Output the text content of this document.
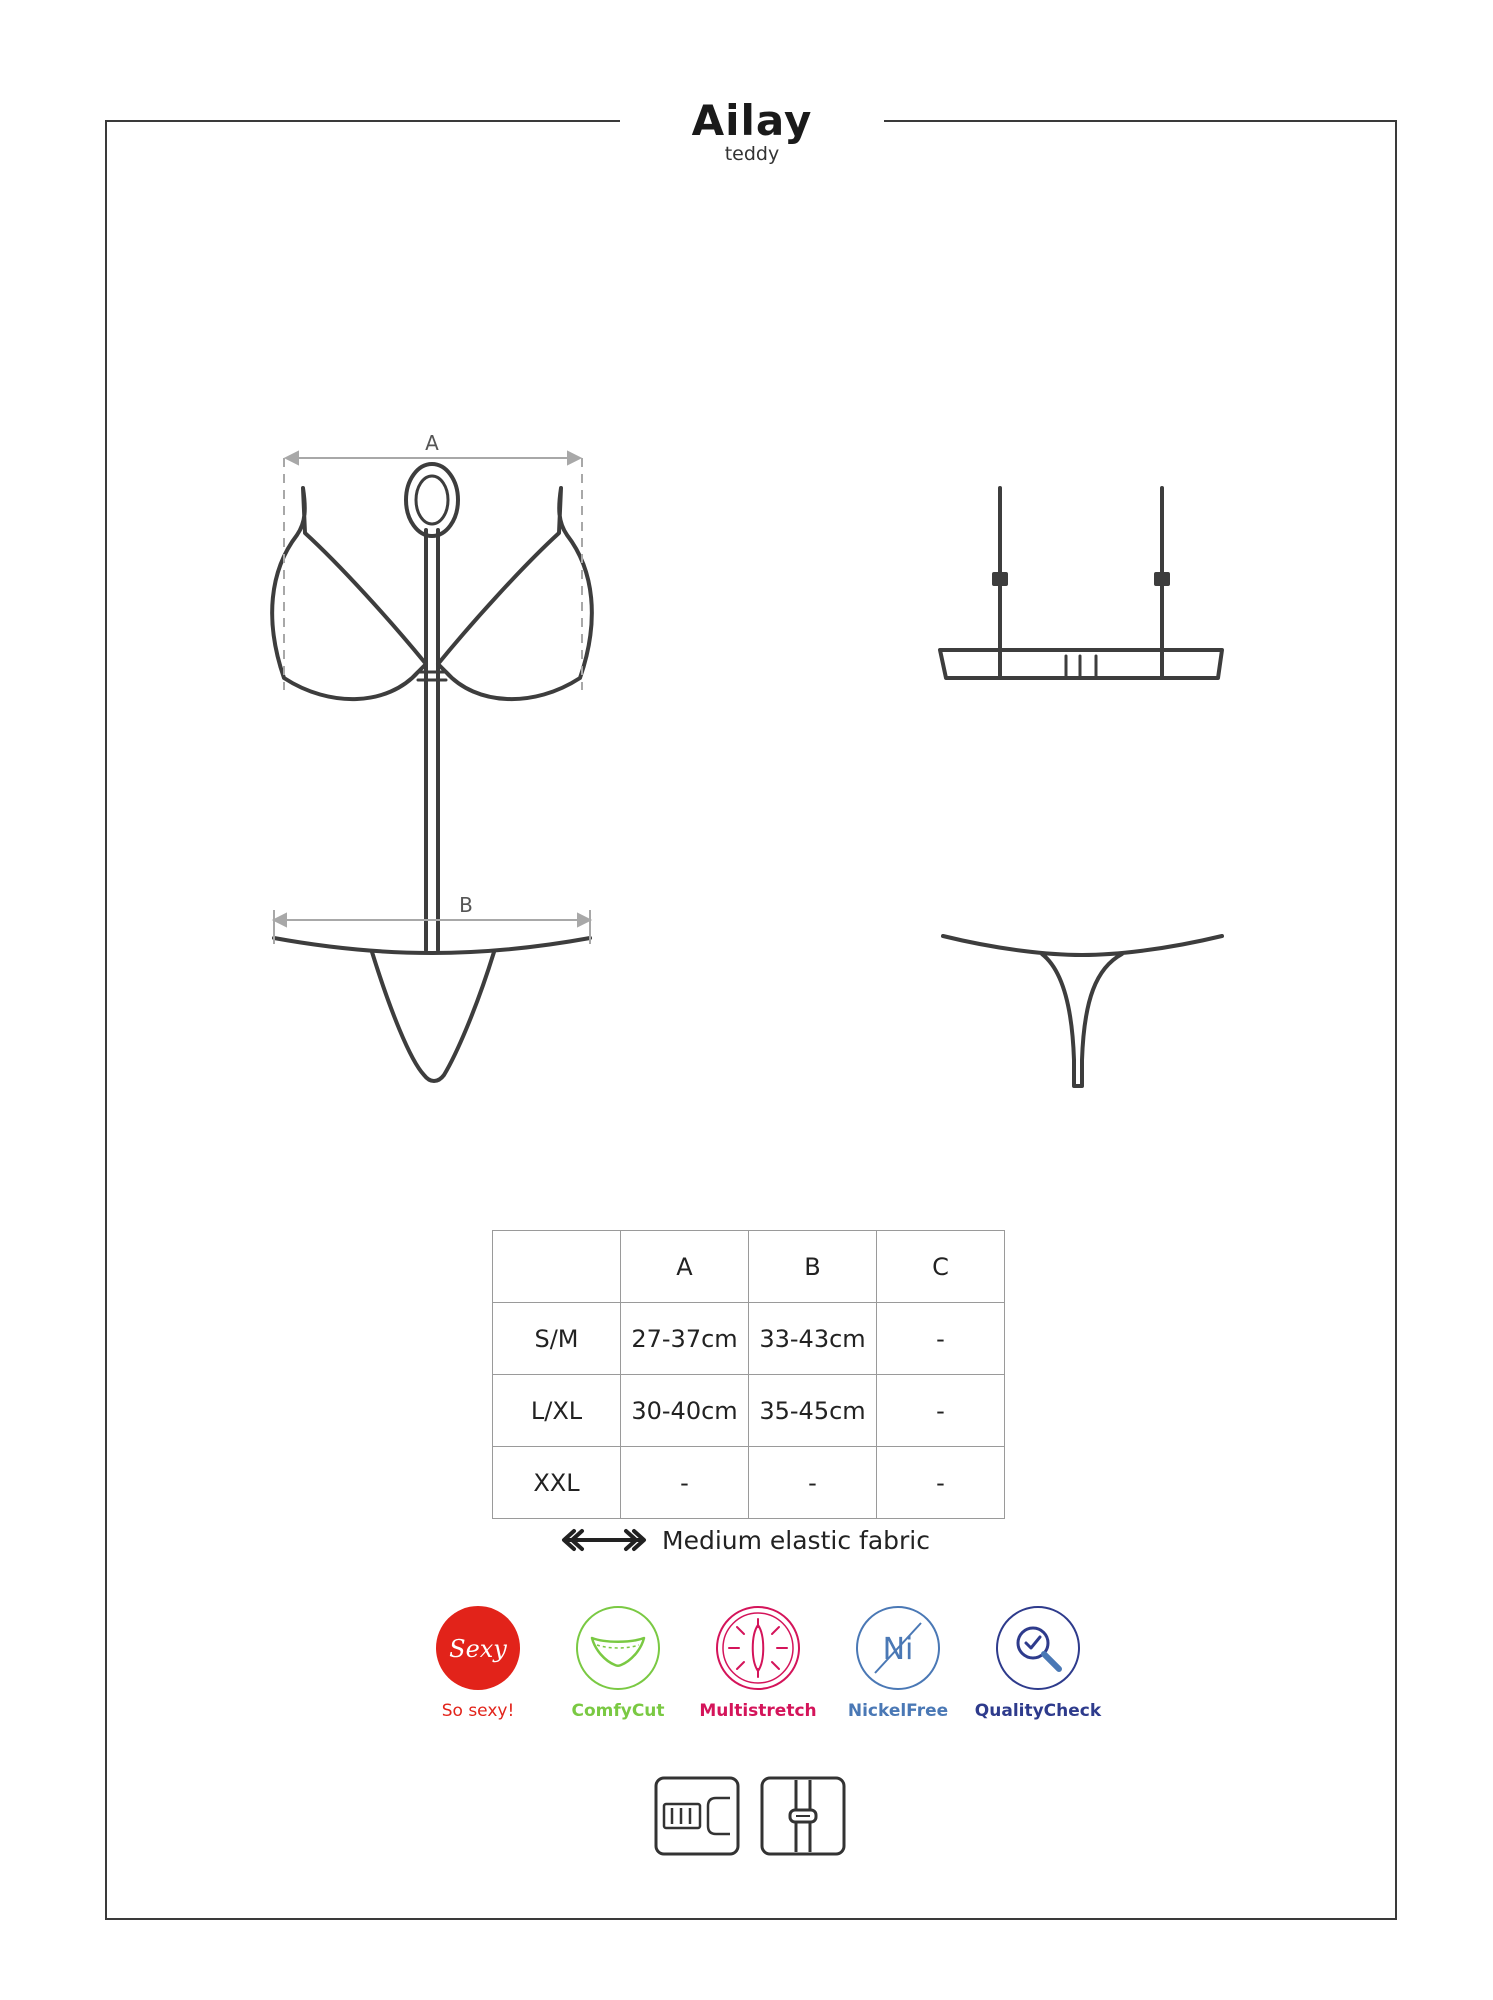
Ailay
teddy
A
B
	A	B	C
S/M	27-37cm	33-43cm	-
L/XL	30-40cm	35-45cm	-
XXL	-	-	-
Medium elastic fabric
Sexy
So sexy!	ComfyCut	Multistretch
Ni
NickelFree	QualityCheck
